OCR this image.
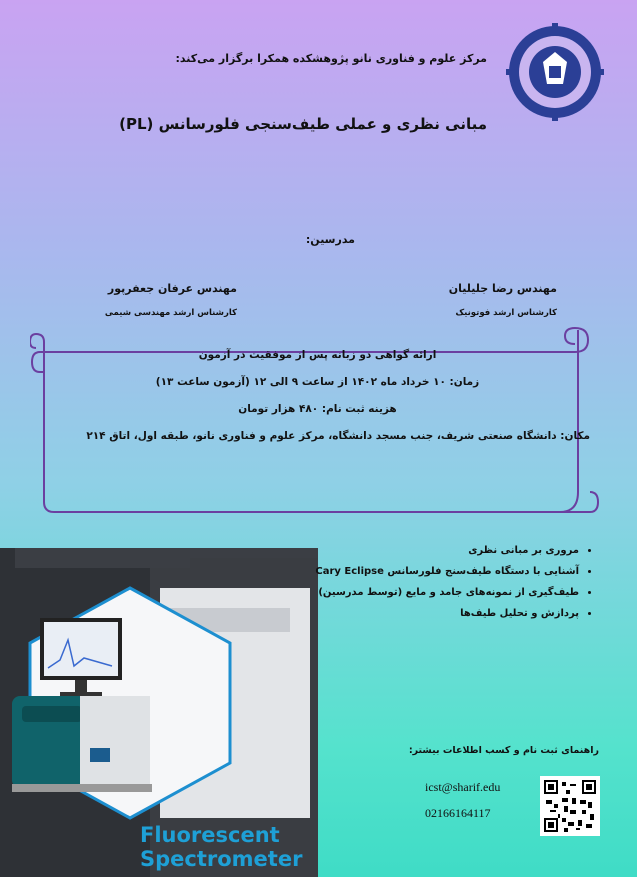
مرکز علوم و فناوری نانو پژوهشکده همکرا برگزار می‌کند:
مبانی نظری و عملی طیف‌سنجی فلورسانس (PL)
مدرسین:
مهندس رضا جلیلیان
کارشناس ارشد فوتونیک
مهندس عرفان جعفرپور
کارشناس ارشد مهندسی شیمی
ارائه گواهی دو زبانه پس از موفقیت در آزمون
زمان: ۱۰ خرداد ماه ۱۴۰۲ از ساعت ۹ الی ۱۲ (آزمون ساعت ۱۳)
هزینه ثبت نام: ۴۸۰ هزار تومان
مکان: دانشگاه صنعتی شریف، جنب مسجد دانشگاه، مرکز علوم و فناوری نانو، طبقه اول، اتاق ۲۱۴
Fluorescent
Spectrometer
• مروری بر مبانی نظری
• آشنایی با دستگاه طیف‌سنج فلورسانس Cary Eclipse
• طیف‌گیری از نمونه‌های جامد و مایع (توسط مدرسین)
• پردازش و تحلیل طیف‌ها
راهنمای ثبت نام و کسب اطلاعات بیشتر:
icst@sharif.edu
02166164117
